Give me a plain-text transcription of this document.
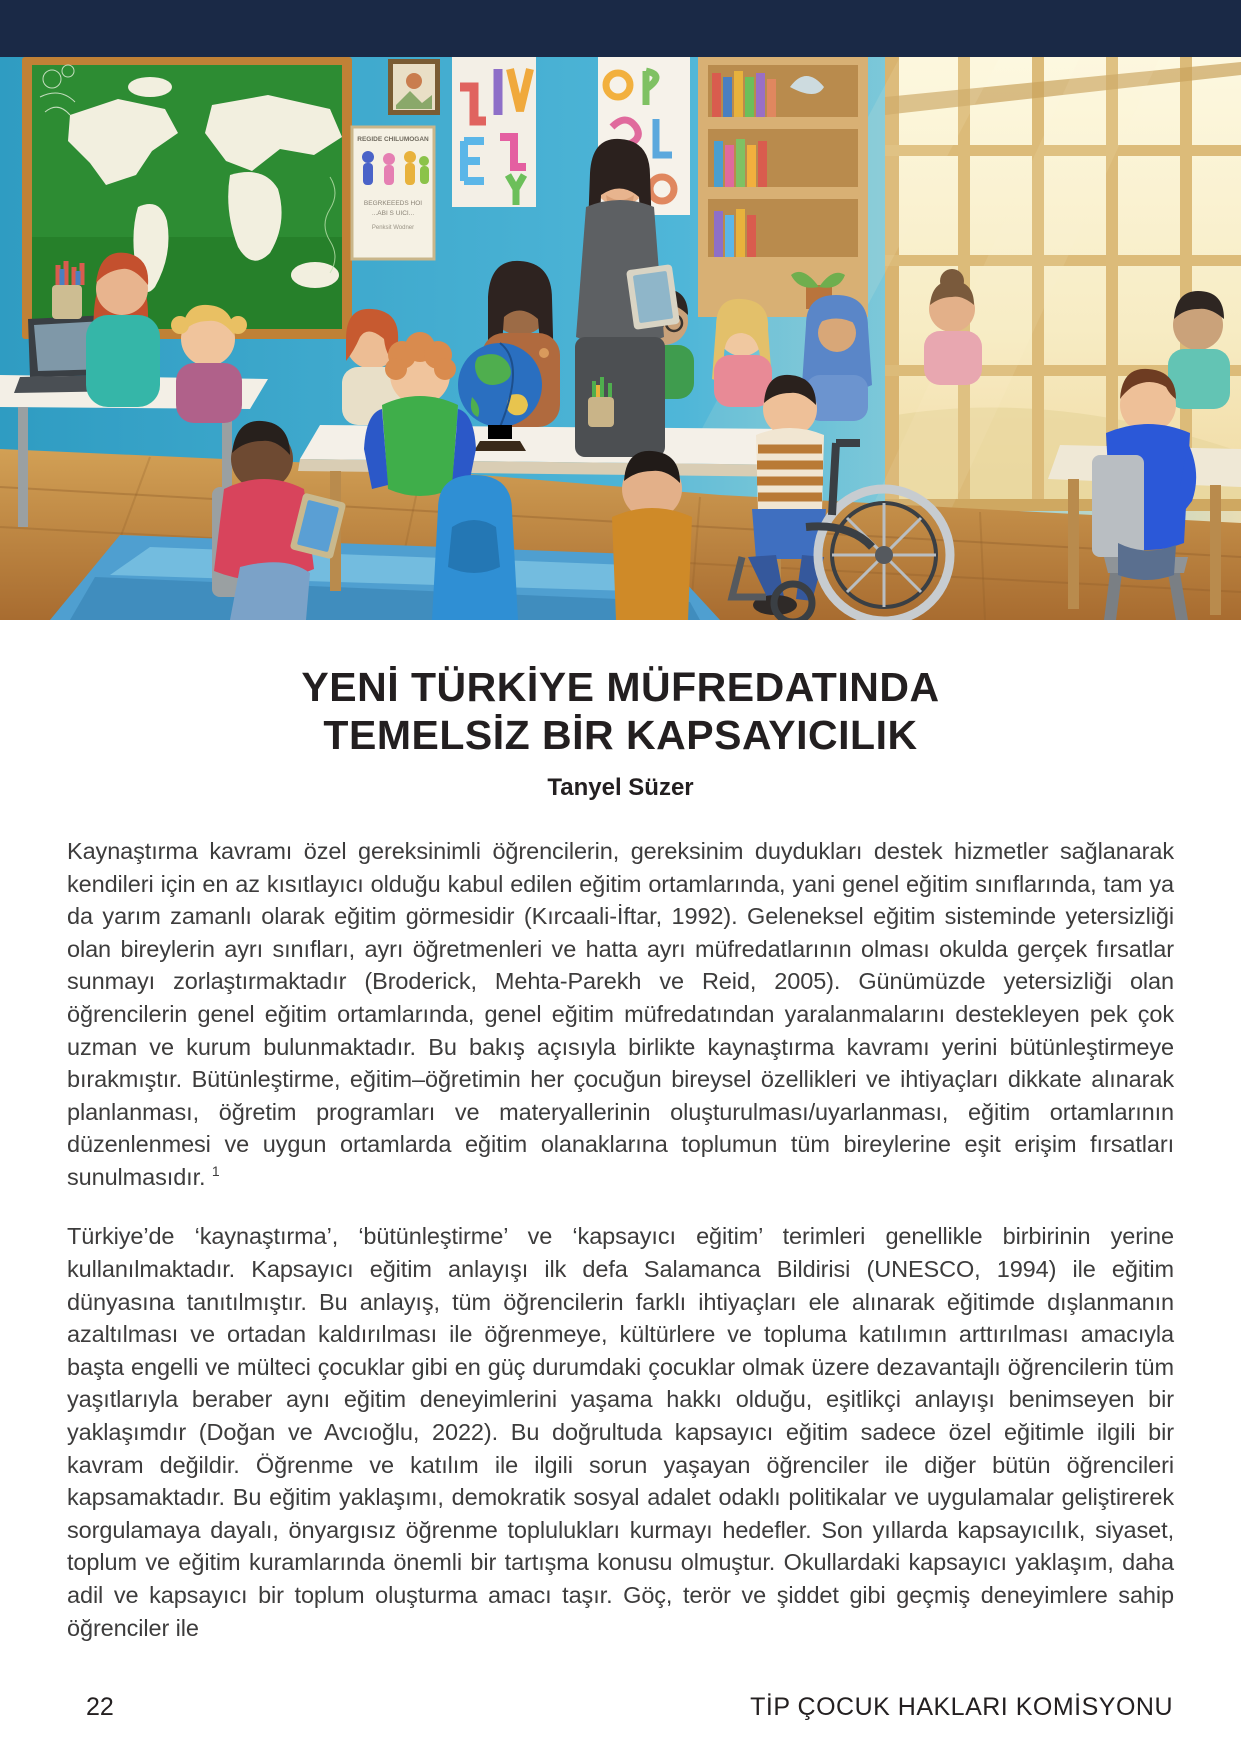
REGIDE CHILUMOGAN
BEGRKEEEDS HOI
...ABI S UICI...
Penksit Wodner
YENİ TÜRKİYE MÜFREDATINDA
TEMELSİZ BİR KAPSAYICILIK
Tanyel Süzer

Kaynaştırma kavramı özel gereksinimli öğrencilerin, gereksinim duydukları destek hizmetler sağlanarak kendileri için en az kısıtlayıcı olduğu kabul edilen eğitim ortamlarında, yani genel eğitim sınıflarında, tam ya da yarım zamanlı olarak eğitim görmesidir (Kırcaali-İftar, 1992). Geleneksel eğitim sisteminde yetersizliği olan bireylerin ayrı sınıfları, ayrı öğretmenleri ve hatta ayrı müfredatlarının olması okulda gerçek fırsatlar sunmayı zorlaştırmaktadır (Broderick, Mehta-Parekh ve Reid, 2005). Günümüzde yetersizliği olan öğrencilerin genel eğitim ortamlarında, genel eğitim müfredatından yaralanmalarını destekleyen pek çok uzman ve kurum bulunmaktadır. Bu bakış açısıyla birlikte kaynaştırma kavramı yerini bütünleştirmeye bırakmıştır. Bütünleştirme, eğitim–öğretimin her çocuğun bireysel özellikleri ve ihtiyaçları dikkate alınarak planlanması, öğretim programları ve materyallerinin oluşturulması/uyarlanması, eğitim ortamlarının düzenlenmesi ve uygun ortamlarda eğitim olanaklarına toplumun tüm bireylerine eşit erişim fırsatları sunulmasıdır. $^1$

Türkiye’de ‘kaynaştırma’, ‘bütünleştirme’ ve ‘kapsayıcı eğitim’ terimleri genellikle birbirinin yerine kullanılmaktadır. Kapsayıcı eğitim anlayışı ilk defa Salamanca Bildirisi (UNESCO, 1994) ile eğitim dünyasına tanıtılmıştır. Bu anlayış, tüm öğrencilerin farklı ihtiyaçları ele alınarak eğitimde dışlanmanın azaltılması ve ortadan kaldırılması ile öğrenmeye, kültürlere ve topluma katılımın arttırılması amacıyla başta engelli ve mülteci çocuklar gibi en güç durumdaki çocuklar olmak üzere dezavantajlı öğrencilerin tüm yaşıtlarıyla beraber aynı eğitim deneyimlerini yaşama hakkı olduğu, eşitlikçi anlayışı benimseyen bir yaklaşımdır (Doğan ve Avcıoğlu, 2022). Bu doğrultuda kapsayıcı eğitim sadece özel eğitimle ilgili bir kavram değildir. Öğrenme ve katılım ile ilgili sorun yaşayan öğrenciler ile diğer bütün öğrencileri kapsamaktadır. Bu eğitim yaklaşımı, demokratik sosyal adalet odaklı politikalar ve uygulamalar geliştirerek sorgulamaya dayalı, önyargısız öğrenme toplulukları kurmayı hedefler. Son yıllarda kapsayıcılık, siyaset, toplum ve eğitim kuramlarında önemli bir tartışma konusu olmuştur. Okullardaki kapsayıcı yaklaşım, daha adil ve kapsayıcı bir toplum oluşturma amacı taşır. Göç, terör ve şiddet gibi geçmiş deneyimlere sahip öğrenciler ile

22	TİP ÇOCUK HAKLARI KOMİSYONU
